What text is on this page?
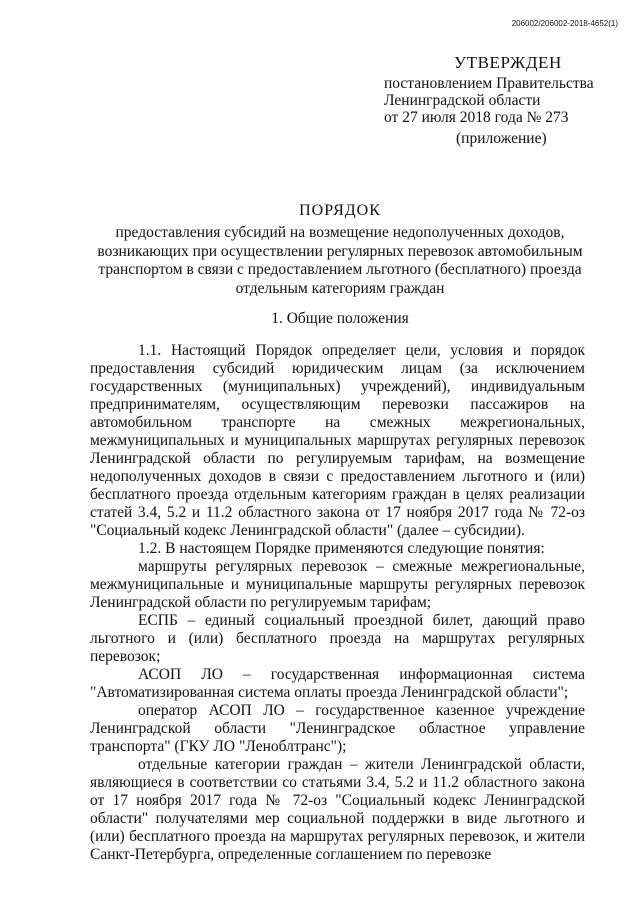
206002/206002-2018-4652(1)
УТВЕРЖДЕН
постановлением Правительства
Ленинградской области
от 27 июля 2018 года № 273
(приложение)
ПОРЯДОК
предоставления субсидий на возмещение недополученных доходов, возникающих при осуществлении регулярных перевозок автомобильным транспортом в связи с предоставлением льготного (бесплатного) проезда отдельным категориям граждан
1. Общие положения

1.1. Настоящий Порядок определяет цели, условия и порядок предоставления субсидий юридическим лицам (за исключением государственных (муниципальных) учреждений), индивидуальным предпринимателям, осуществляющим перевозки пассажиров на автомобильном транспорте на смежных межрегиональных, межмуниципальных и муниципальных маршрутах регулярных перевозок Ленинградской области по регулируемым тарифам, на возмещение недополученных доходов в связи с предоставлением льготного и (или) бесплатного проезда отдельным категориям граждан в целях реализации статей 3.4, 5.2 и 11.2 областного закона от 17 ноября 2017 года № 72-оз "Социальный кодекс Ленинградской области" (далее – субсидии).

1.2. В настоящем Порядке применяются следующие понятия:

маршруты регулярных перевозок – смежные межрегиональные, межмуниципальные и муниципальные маршруты регулярных перевозок Ленинградской области по регулируемым тарифам;

ЕСПБ – единый социальный проездной билет, дающий право льготного и (или) бесплатного проезда на маршрутах регулярных перевозок;

АСОП ЛО – государственная информационная система "Автоматизированная система оплаты проезда Ленинградской области";

оператор АСОП ЛО – государственное казенное учреждение Ленинградской области "Ленинградское областное управление транспорта" (ГКУ ЛО "Леноблтранс");

отдельные категории граждан – жители Ленинградской области, являющиеся в соответствии со статьями 3.4, 5.2 и 11.2 областного закона от 17 ноября 2017 года № 72-оз "Социальный кодекс Ленинградской области" получателями мер социальной поддержки в виде льготного и (или) бесплатного проезда на маршрутах регулярных перевозок, и жители Санкт-Петербурга, определенные соглашением по перевозке
